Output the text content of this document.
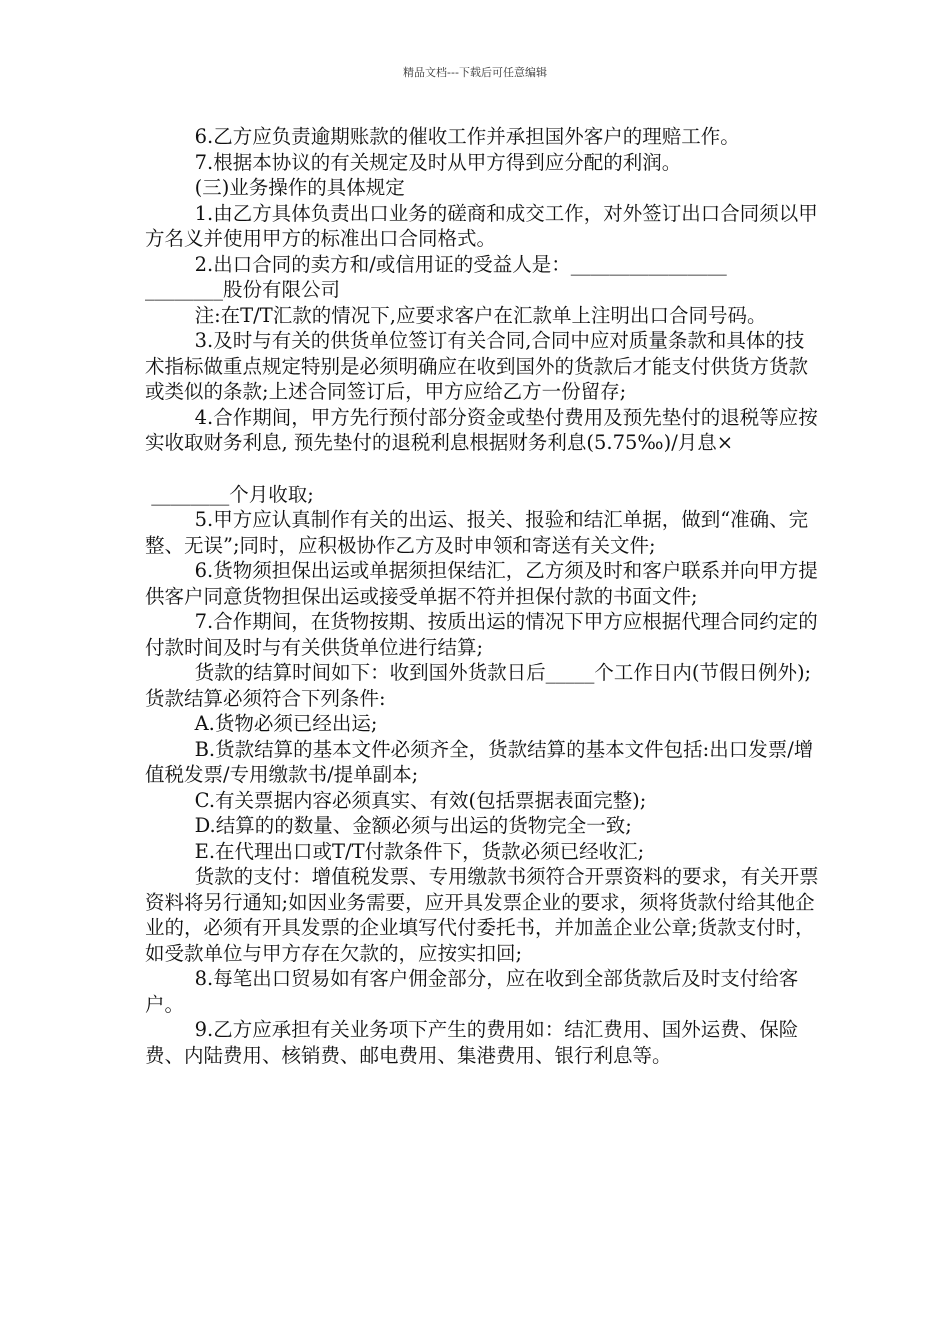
精品文档---下载后可任意编辑

6.乙方应负责逾期账款的催收工作并承担国外客户的理赔工作。

7.根据本协议的有关规定及时从甲方得到应分配的利润。

(三)业务操作的具体规定

1.由乙方具体负责出口业务的磋商和成交工作，对外签订出口合同须以甲方名义并使用甲方的标准出口合同格式。

2.出口合同的卖方和/或信用证的受益人是：________________

________股份有限公司

注:在T/T汇款的情况下,应要求客户在汇款单上注明出口合同号码。

3.及时与有关的供货单位签订有关合同,合同中应对质量条款和具体的技术指标做重点规定特别是必须明确应在收到国外的货款后才能支付供货方货款或类似的条款;上述合同签订后，甲方应给乙方一份留存;

4.合作期间，甲方先行预付部分资金或垫付费用及预先垫付的退税等应按实收取财务利息, 预先垫付的退税利息根据财务利息(5.75‰)/月息×

________个月收取;

5.甲方应认真制作有关的出运、报关、报验和结汇单据，做到“准确、完整、无误”;同时，应积极协作乙方及时申领和寄送有关文件;

6.货物须担保出运或单据须担保结汇，乙方须及时和客户联系并向甲方提供客户同意货物担保出运或接受单据不符并担保付款的书面文件;

7.合作期间，在货物按期、按质出运的情况下甲方应根据代理合同约定的付款时间及时与有关供货单位进行结算;

货款的结算时间如下：收到国外货款日后_____个工作日内(节假日例外);货款结算必须符合下列条件:

A.货物必须已经出运;

B.货款结算的基本文件必须齐全，货款结算的基本文件包括:出口发票/增值税发票/专用缴款书/提单副本;

C.有关票据内容必须真实、有效(包括票据表面完整);

D.结算的的数量、金额必须与出运的货物完全一致;

E.在代理出口或T/T付款条件下，货款必须已经收汇;

货款的支付：增值税发票、专用缴款书须符合开票资料的要求，有关开票资料将另行通知;如因业务需要，应开具发票企业的要求，须将货款付给其他企业的，必须有开具发票的企业填写代付委托书，并加盖企业公章;货款支付时，如受款单位与甲方存在欠款的，应按实扣回;

8.每笔出口贸易如有客户佣金部分，应在收到全部货款后及时支付给客户。

9.乙方应承担有关业务项下产生的费用如：结汇费用、国外运费、保险费、内陆费用、核销费、邮电费用、集港费用、银行利息等。
